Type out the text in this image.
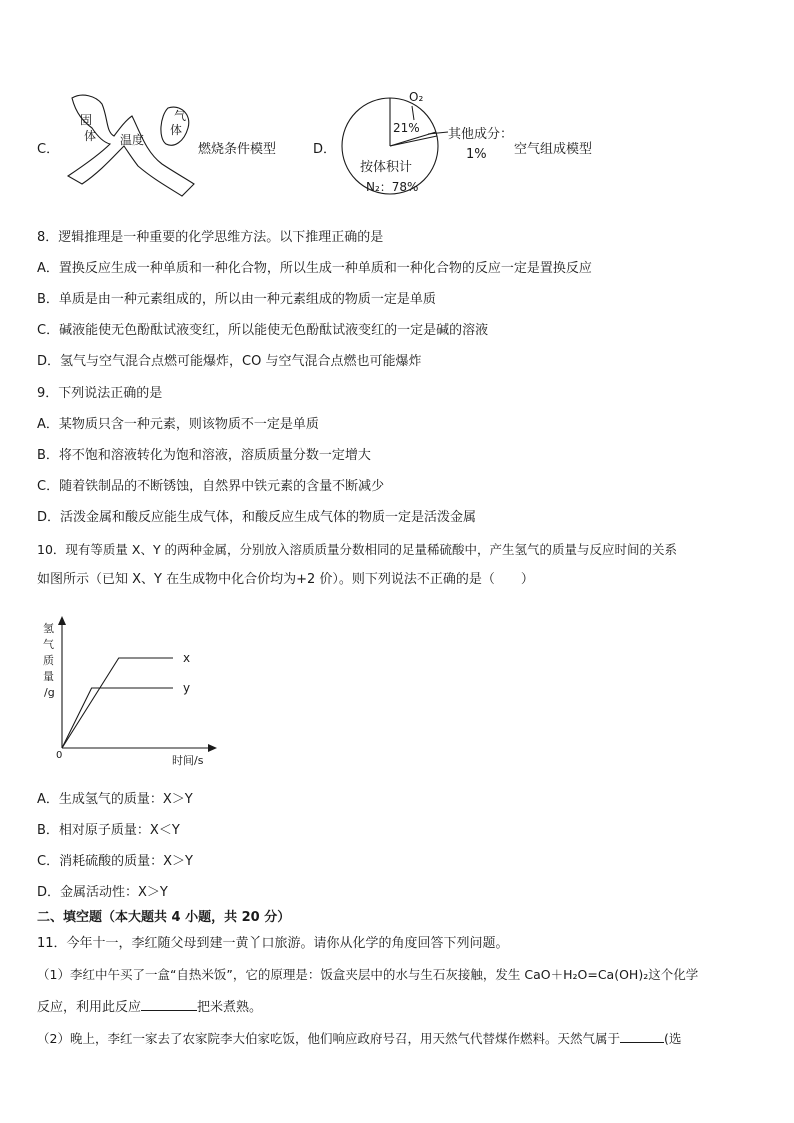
C．
固
体 温度
气
体
燃烧条件模型	D．
O₂
21% 其他成分：
1%
按体积计
N₂：78%
空气组成模型
8．逻辑推理是一种重要的化学思维方法。以下推理正确的是
A．置换反应生成一种单质和一种化合物，所以生成一种单质和一种化合物的反应一定是置换反应
B．单质是由一种元素组成的，所以由一种元素组成的物质一定是单质
C．碱液能使无色酚酞试液变红，所以能使无色酚酞试液变红的一定是碱的溶液
D．氢气与空气混合点燃可能爆炸，CO 与空气混合点燃也可能爆炸
9．下列说法正确的是
A．某物质只含一种元素，则该物质不一定是单质
B．将不饱和溶液转化为饱和溶液，溶质质量分数一定增大
C．随着铁制品的不断锈蚀，自然界中铁元素的含量不断减少
D．活泼金属和酸反应能生成气体，和酸反应生成气体的物质一定是活泼金属
10．现有等质量 X、Y 的两种金属，分别放入溶质质量分数相同的足量稀硫酸中，产生氢气的质量与反应时间的关系
如图所示（已知 X、Y 在生成物中化合价均为+2 价）。则下列说法不正确的是（　　）
氢
气
质
量
/g
x
y
0	时间/s
A．生成氢气的质量：X＞Y
B．相对原子质量：X＜Y
C．消耗硫酸的质量：X＞Y
D．金属活动性：X＞Y
二、填空题（本大题共 4 小题，共 20 分）
11．今年十一，李红随父母到建一黄丫口旅游。请你从化学的角度回答下列问题。
（1）李红中午买了一盒“自热米饭”，它的原理是：饭盒夹层中的水与生石灰接触，发生 CaO＋H₂O=Ca(OH)₂这个化学
反应，利用此反应	把米煮熟。
（2）晚上，李红一家去了农家院李大伯家吃饭，他们响应政府号召，用天然气代替煤作燃料。天然气属于	(选
